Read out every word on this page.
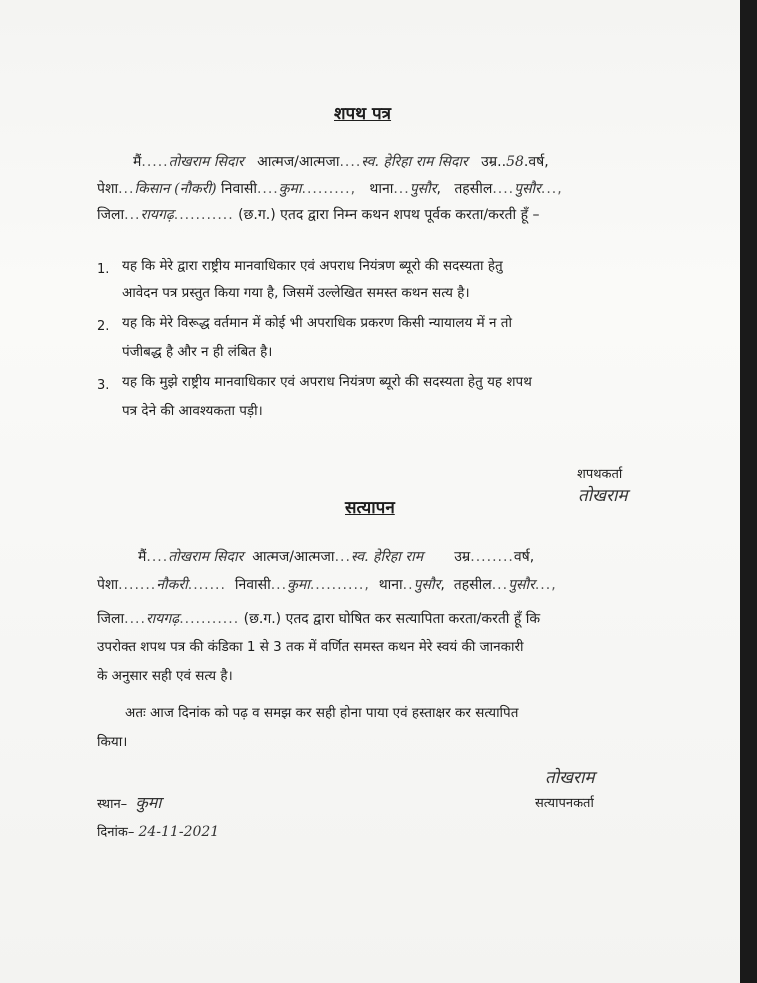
शपथ पत्र
मैं.....तोखराम सिदार आत्मज/आत्मजा....स्व. हेरिहा राम सिदार उम्र..58.वर्ष,
पेशा...किसान (नौकरी) निवासी....कुमा........., थाना...पुसौर,   तहसील....पुसौर...,
जिला...रायगढ़........... (छ.ग.) एतद द्वारा निम्न कथन शपथ पूर्वक करता/करती हूँ –
1. यह कि मेरे द्वारा राष्ट्रीय मानवाधिकार एवं अपराध नियंत्रण ब्यूरो की सदस्यता हेतु
आवेदन पत्र प्रस्तुत किया गया है, जिसमें उल्लेखित समस्त कथन सत्य है।
2. यह कि मेरे विरूद्ध वर्तमान में कोई भी अपराधिक प्रकरण किसी न्यायालय में न तो
पंजीबद्ध है और न ही लंबित है।
3. यह कि मुझे राष्ट्रीय मानवाधिकार एवं अपराध नियंत्रण ब्यूरो की सदस्यता हेतु यह शपथ
पत्र देने की आवश्यकता पड़ी।
शपथकर्ता
तोखराम
सत्यापन
मैं....तोखराम सिदार आत्मज/आत्मजा...स्व. हेरिहा राम उम्र........वर्ष,
पेशा.......नौकरी....... निवासी...कुमा.........., थाना..पुसौर,  तहसील...पुसौर...,
जिला....रायगढ़........... (छ.ग.) एतद द्वारा घोषित कर सत्यापिता करता/करती हूँ कि
उपरोक्त शपथ पत्र की कंडिका 1 से 3 तक में वर्णित समस्त कथन मेरे स्वयं की जानकारी
के अनुसार सही एवं सत्य है।
अतः आज दिनांक को पढ़ व समझ कर सही होना पाया एवं हस्ताक्षर कर सत्यापित
किया।
तोखराम
सत्यापनकर्ता
स्थान– कुमा
दिनांक– 24-11-2021
